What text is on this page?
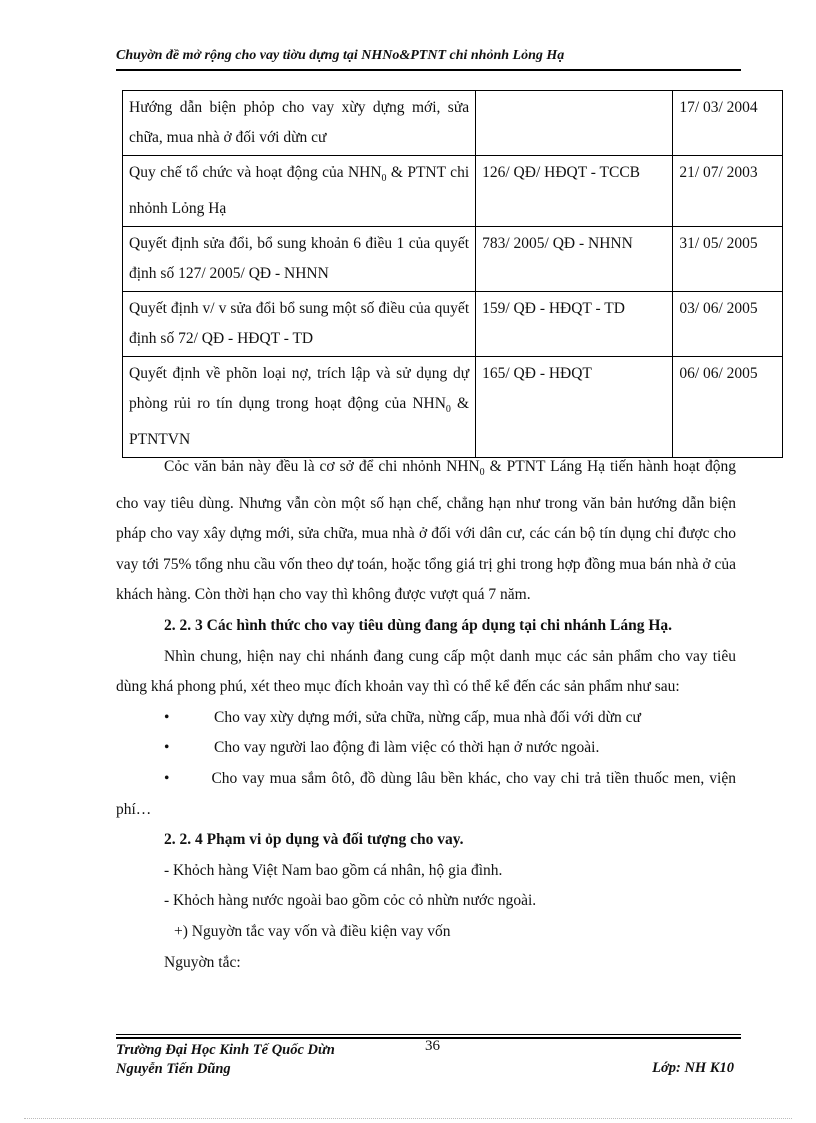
Chuyờn đề mở rộng cho vay tiờu dựng tại NHNo&PTNT chi nhỏnh Lỏng Hạ
Hướng dẫn biện phỏp cho vay xừy dựng mới, sửa chữa, mua nhà ở đối với dừn cư		17/ 03/ 2004
Quy chế tổ chức và hoạt động của $NHN_0$ & PTNT chi nhỏnh Lỏng Hạ	126/ QĐ/ HĐQT - TCCB	21/ 07/ 2003
Quyết định sửa đổi, bổ sung khoản 6 điều 1 của quyết định số 127/ 2005/ QĐ - NHNN	783/ 2005/ QĐ - NHNN	31/ 05/ 2005
Quyết định v/ v sửa đổi bổ sung một số điều của quyết định số 72/ QĐ - HĐQT - TD	159/ QĐ - HĐQT - TD	03/ 06/ 2005
Quyết định về phõn loại nợ, trích lập và sử dụng dự phòng rủi ro tín dụng trong hoạt động của $NHN_0$ & PTNTVN	165/ QĐ - HĐQT	06/ 06/ 2005

Cỏc văn bản này đều là cơ sở để chi nhỏnh $NHN_0$ & PTNT Láng Hạ tiến hành hoạt động cho vay tiêu dùng. Nhưng vẫn còn một số hạn chế, chẳng hạn như trong văn bản hướng dẫn biện pháp cho vay xây dựng mới, sửa chữa, mua nhà ở đối với dân cư, các cán bộ tín dụng chỉ được cho vay tới 75% tổng nhu cầu vốn theo dự toán, hoặc tổng giá trị ghi trong hợp đồng mua bán nhà ở của khách hàng. Còn thời hạn cho vay thì không được vượt quá 7 năm.

2. 2. 3 Các hình thức cho vay tiêu dùng đang áp dụng tại chi nhánh Láng Hạ.

Nhìn chung, hiện nay chi nhánh đang cung cấp một danh mục các sản phẩm cho vay tiêu dùng khá phong phú, xét theo mục đích khoản vay thì có thể kể đến các sản phẩm như sau:

•	Cho vay xừy dựng mới, sửa chữa, nừng cấp, mua nhà đối với dừn cư
•	Cho vay người lao động đi làm việc có thời hạn ở nước ngoài.

•	Cho vay mua sắm ôtô, đồ dùng lâu bền khác, cho vay chi trả tiền thuốc men, viện phí…

2. 2. 4 Phạm vi ỏp dụng và đối tượng cho vay.

- Khỏch hàng Việt Nam bao gồm cá nhân, hộ gia đình.

- Khỏch hàng nước ngoài bao gồm cỏc cỏ nhừn nước ngoài.

+) Nguyờn tắc vay vốn và điều kiện vay vốn

Nguyờn tắc:

Trường Đại Học Kinh Tế Quốc Dừn
Nguyễn Tiến Dũng
36
Lớp: NH K10
